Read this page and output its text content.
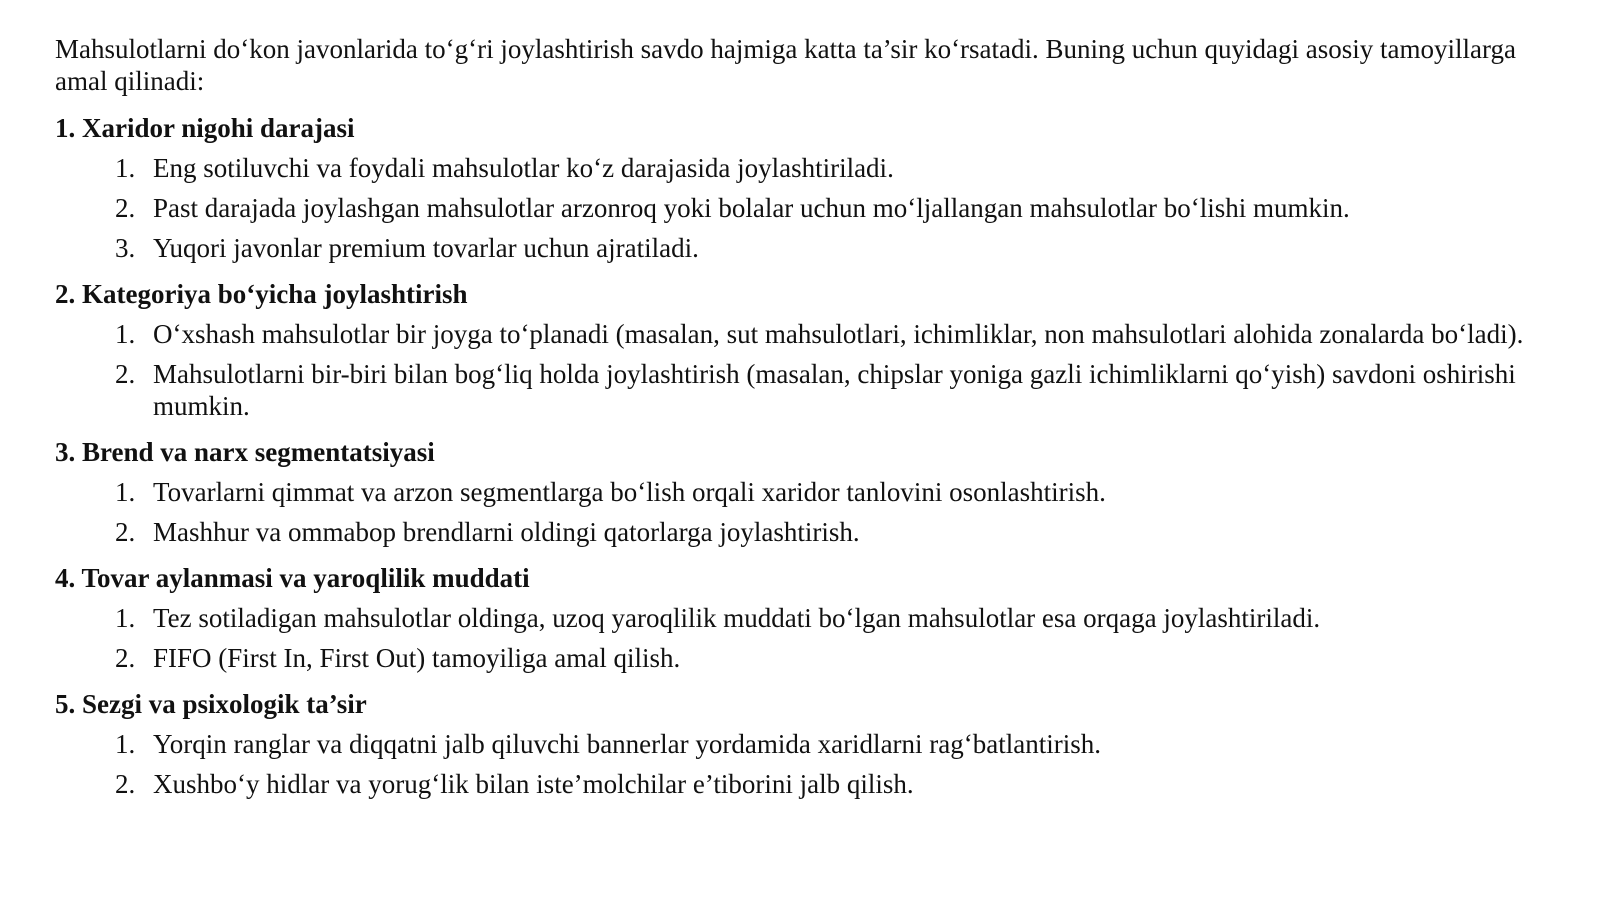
Mahsulotlarni do‘kon javonlarida to‘g‘ri joylashtirish savdo hajmiga katta ta’sir ko‘rsatadi. Buning uchun quyidagi asosiy tamoyillarga amal qilinadi:

1. Xaridor nigohi darajasi
1. Eng sotiluvchi va foydali mahsulotlar ko‘z darajasida joylashtiriladi.
2. Past darajada joylashgan mahsulotlar arzonroq yoki bolalar uchun mo‘ljallangan mahsulotlar bo‘lishi mumkin.
3. Yuqori javonlar premium tovarlar uchun ajratiladi.
2. Kategoriya bo‘yicha joylashtirish
1. O‘xshash mahsulotlar bir joyga to‘planadi (masalan, sut mahsulotlari, ichimliklar, non mahsulotlari alohida zonalarda bo‘ladi).
2. Mahsulotlarni bir-biri bilan bog‘liq holda joylashtirish (masalan, chipslar yoniga gazli ichimliklarni qo‘yish) savdoni oshirishi mumkin.
3. Brend va narx segmentatsiyasi
1. Tovarlarni qimmat va arzon segmentlarga bo‘lish orqali xaridor tanlovini osonlashtirish.
2. Mashhur va ommabop brendlarni oldingi qatorlarga joylashtirish.
4. Tovar aylanmasi va yaroqlilik muddati
1. Tez sotiladigan mahsulotlar oldinga, uzoq yaroqlilik muddati bo‘lgan mahsulotlar esa orqaga joylashtiriladi.
2. FIFO (First In, First Out) tamoyiliga amal qilish.
5. Sezgi va psixologik ta’sir
1. Yorqin ranglar va diqqatni jalb qiluvchi bannerlar yordamida xaridlarni rag‘batlantirish.
2. Xushbo‘y hidlar va yorug‘lik bilan iste’molchilar e’tiborini jalb qilish.
